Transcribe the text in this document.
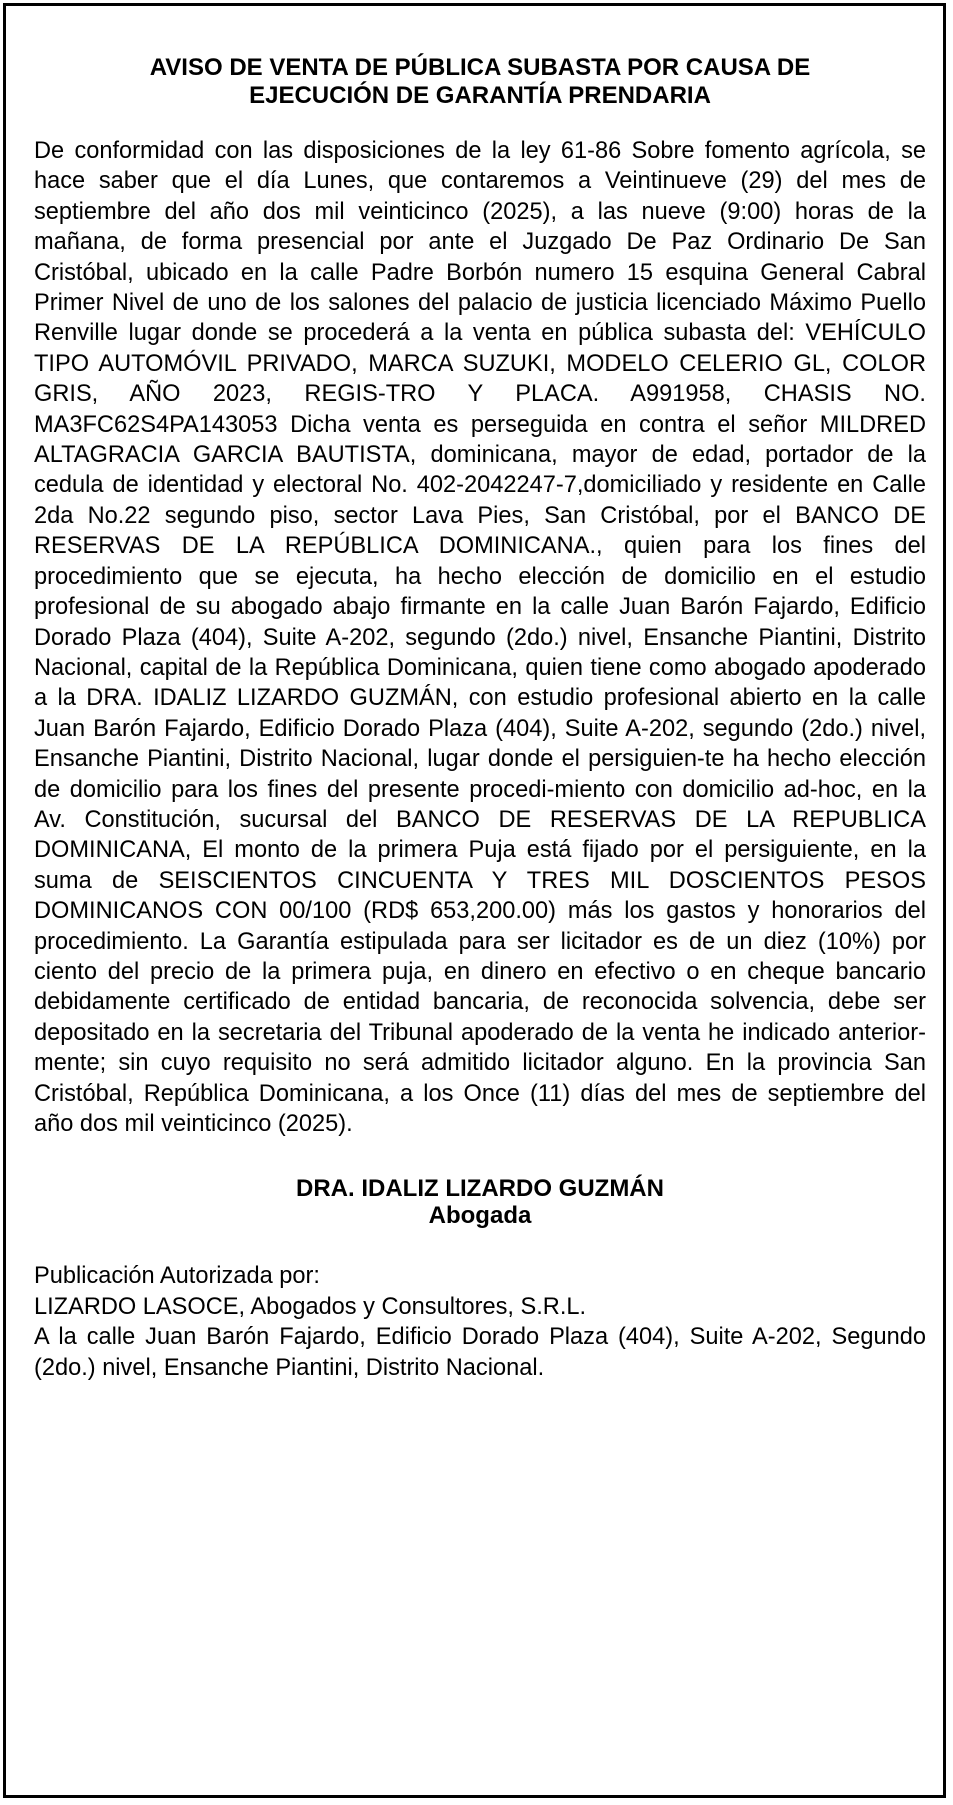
AVISO DE VENTA DE PÚBLICA SUBASTA POR CAUSA DE
EJECUCIÓN DE GARANTÍA PRENDARIA

De conformidad con las disposiciones de la ley 61-86 Sobre fomento agrícola, se hace saber que el día Lunes, que contaremos a Veintinueve (29) del mes de septiembre del año dos mil veinticinco (2025), a las nueve (9:00) horas de la mañana, de forma presencial por ante el Juzgado De Paz Ordinario De San Cristóbal, ubicado en la calle Padre Borbón numero 15 esquina General Cabral Primer Nivel de uno de los salones del palacio de justicia licenciado Máximo Puello Renville lugar donde se procederá a la venta en pública subasta del: VEHÍCULO TIPO AUTOMÓVIL PRIVADO, MARCA SUZUKI, MODELO CELERIO GL, COLOR GRIS, AÑO 2023, REGIS-TRO Y PLACA. A991958, CHASIS NO. MA3FC62S4PA143053 Dicha venta es perseguida en contra el señor MILDRED ALTAGRACIA GARCIA BAUTISTA, dominicana, mayor de edad, portador de la cedula de identidad y electoral No. 402-2042247-7,domiciliado y residente en Calle 2da No.22 segundo piso, sector Lava Pies, San Cristóbal, por el BANCO DE RESERVAS DE LA REPÚBLICA DOMINICANA., quien para los fines del procedimiento que se ejecuta, ha hecho elección de domicilio en el estudio profesional de su abogado abajo firmante en la calle Juan Barón Fajardo, Edificio Dorado Plaza (404), Suite A-202, segundo (2do.) nivel, Ensanche Piantini, Distrito Nacional, capital de la República Dominicana, quien tiene como abogado apoderado a la DRA. IDALIZ LIZARDO GUZMÁN, con estudio profesional abierto en la calle Juan Barón Fajardo, Edificio Dorado Plaza (404), Suite A-202, segundo (2do.) nivel, Ensanche Piantini, Distrito Nacional, lugar donde el persiguien-te ha hecho elección de domicilio para los fines del presente procedi-miento con domicilio ad-hoc, en la Av. Constitución, sucursal del BANCO DE RESERVAS DE LA REPUBLICA DOMINICANA, El monto de la primera Puja está fijado por el persiguiente, en la suma de SEISCIENTOS CINCUENTA Y TRES MIL DOSCIENTOS PESOS DOMINICANOS CON 00/100 (RD$ 653,200.00) más los gastos y honorarios del procedimiento. La Garantía estipulada para ser licitador es de un diez (10%) por ciento del precio de la primera puja, en dinero en efectivo o en cheque bancario debidamente certificado de entidad bancaria, de reconocida solvencia, debe ser depositado en la secretaria del Tribunal apoderado de la venta he indicado anterior-mente; sin cuyo requisito no será admitido licitador alguno. En la provincia San Cristóbal, República Dominicana, a los Once (11) días del mes de septiembre del año dos mil veinticinco (2025).

DRA. IDALIZ LIZARDO GUZMÁN
Abogada
Publicación Autorizada por:
LIZARDO LASOCE, Abogados y Consultores, S.R.L.
A la calle Juan Barón Fajardo, Edificio Dorado Plaza (404), Suite A-202, Segundo (2do.) nivel, Ensanche Piantini, Distrito Nacional.
